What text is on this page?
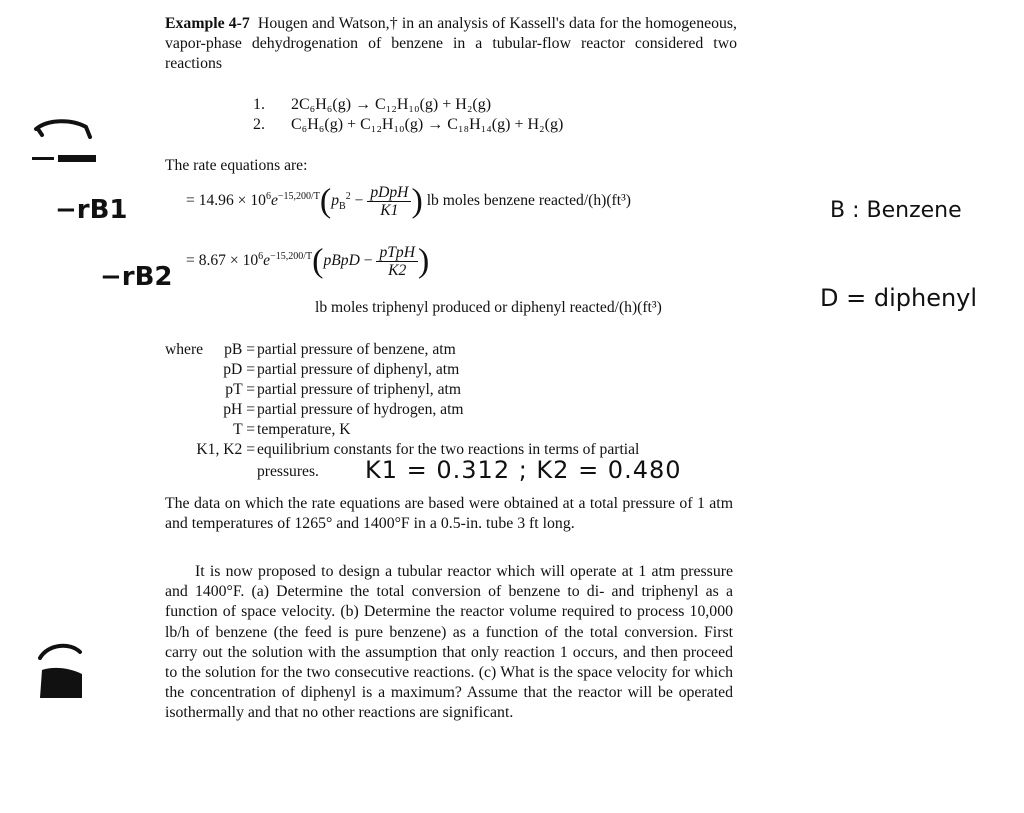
Example 4-7 Hougen and Watson,† in an analysis of Kassell's data for the homogeneous, vapor-phase dehydrogenation of benzene in a tubular-flow reactor considered two reactions
1. 2C₆H₆(g) → C₁₂H₁₀(g) + H₂(g)
2. C₆H₆(g) + C₁₂H₁₀(g) → C₁₈H₁₄(g) + H₂(g)
The rate equations are:
−rB1	= $14.96 \times 10^6e^{-15,200/T}(p_B^2 - \frac{\text{pDpH}}{K1}$ ) lb moles benzene reacted/(h)(ft³)	B : Benzene
−rB2
= $8.67 \times 10^6e^{-15,200/T}(pBpD - \frac{\text{pTpH}}{K2}$ )
lb moles triphenyl produced or diphenyl reacted/(h)(ft³)	D = diphenyl
where pB = partial pressure of benzene, atm
pD = partial pressure of diphenyl, atm
pT = partial pressure of triphenyl, atm
pH = partial pressure of hydrogen, atm
T = temperature, K
K1, K2 = equilibrium constants for the two reactions in terms of partial
pressures. K1 = 0.312 ; K2 = 0.480
The data on which the rate equations are based were obtained at a total pressure of 1 atm and temperatures of 1265° and 1400°F in a 0.5-in. tube 3 ft long.
It is now proposed to design a tubular reactor which will operate at 1 atm pressure and 1400°F. (a) Determine the total conversion of benzene to di- and triphenyl as a function of space velocity. (b) Determine the reactor volume required to process 10,000 lb/h of benzene (the feed is pure benzene) as a function of the total conversion. First carry out the solution with the assumption that only reaction 1 occurs, and then proceed to the solution for the two consecutive reactions. (c) What is the space velocity for which the concentration of diphenyl is a maximum? Assume that the reactor will be operated isothermally and that no other reactions are significant.
